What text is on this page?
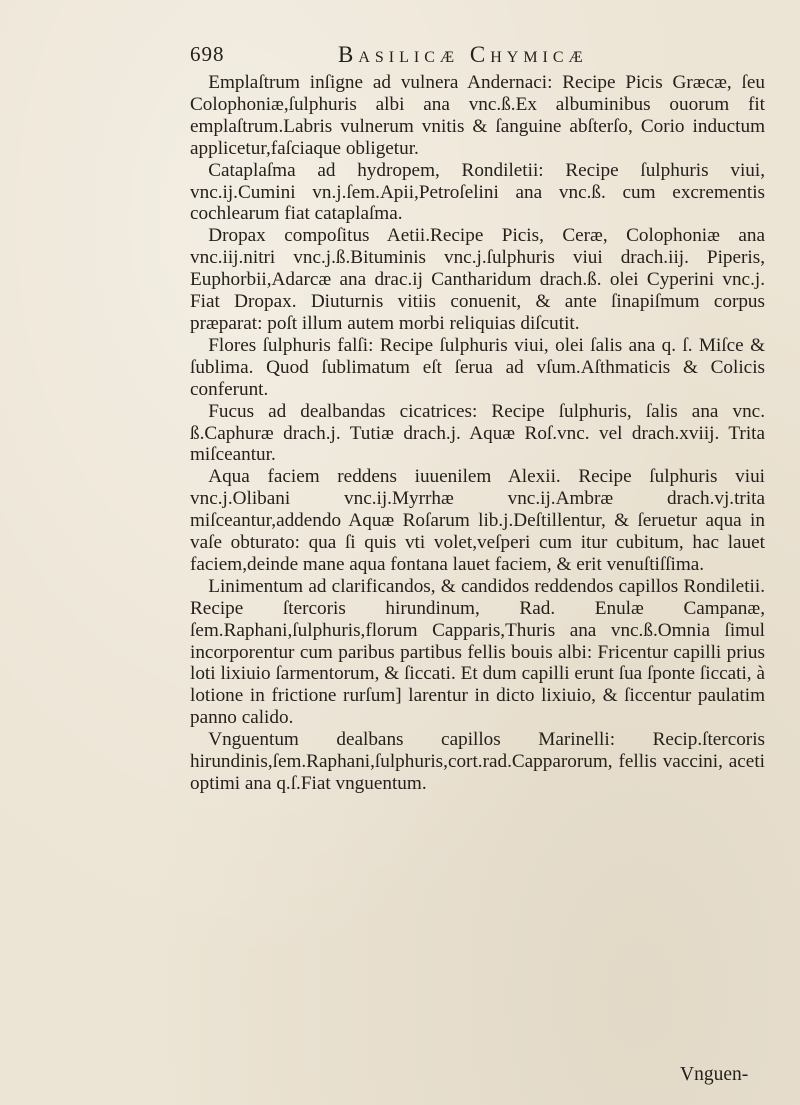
698	Basilicæ Chymicæ

Emplaſtrum inſigne ad vulnera Andernaci: Recipe Picis Græcæ, ſeu Colophoniæ,ſulphuris albi ana vnc.ß.Ex albuminibus ouorum fit emplaſtrum.Labris vulnerum vnitis & ſanguine abſterſo, Corio inductum applicetur,faſciaque obligetur.

Cataplaſma ad hydropem, Rondiletii: Recipe ſulphuris viui, vnc.ij.Cumini vn.j.ſem.Apii,Petroſelini ana vnc.ß. cum excrementis cochlearum fiat cataplaſma.

Dropax compoſitus Aetii.Recipe Picis, Ceræ, Colophoniæ ana vnc.iij.nitri vnc.j.ß.Bituminis vnc.j.ſulphuris viui drach.iij. Piperis, Euphorbii,Adarcæ ana drac.ij Cantharidum drach.ß. olei Cyperini vnc.j. Fiat Dropax. Diuturnis vitiis conuenit, & ante ſinapiſmum corpus præparat: poſt illum autem morbi reliquias diſcutit.

Flores ſulphuris falſi: Recipe ſulphuris viui, olei ſalis ana q. ſ. Miſce & ſublima. Quod ſublimatum eſt ſerua ad vſum.Aſthmaticis & Colicis conferunt.

Fucus ad dealbandas cicatrices: Recipe ſulphuris, ſalis ana vnc. ß.Caphuræ drach.j. Tutiæ drach.j. Aquæ Roſ.vnc. vel drach.xviij. Trita miſceantur.

Aqua faciem reddens iuuenilem Alexii. Recipe ſulphuris viui vnc.j.Olibani vnc.ij.Myrrhæ vnc.ij.Ambræ drach.vj.trita miſceantur,addendo Aquæ Roſarum lib.j.Deſtillentur, & ſeruetur aqua in vaſe obturato: qua ſi quis vti volet,veſperi cum itur cubitum, hac lauet faciem,deinde mane aqua fontana lauet faciem, & erit venuſtiſſima.

Linimentum ad clarificandos, & candidos reddendos capillos Rondiletii. Recipe ſtercoris hirundinum, Rad. Enulæ Campanæ, ſem.Raphani,ſulphuris,florum Capparis,Thuris ana vnc.ß.Omnia ſimul incorporentur cum paribus partibus fellis bouis albi: Fricentur capilli prius loti lixiuio ſarmentorum, & ſiccati. Et dum capilli erunt ſua ſponte ſiccati, à lotione in frictione rurſum] larentur in dicto lixiuio, & ſiccentur paulatim panno calido.

Vnguentum dealbans capillos Marinelli: Recip.ſtercoris hirundinis,ſem.Raphani,ſulphuris,cort.rad.Capparorum, fellis vaccini, aceti optimi ana q.ſ.Fiat vnguentum.

Vnguen-
